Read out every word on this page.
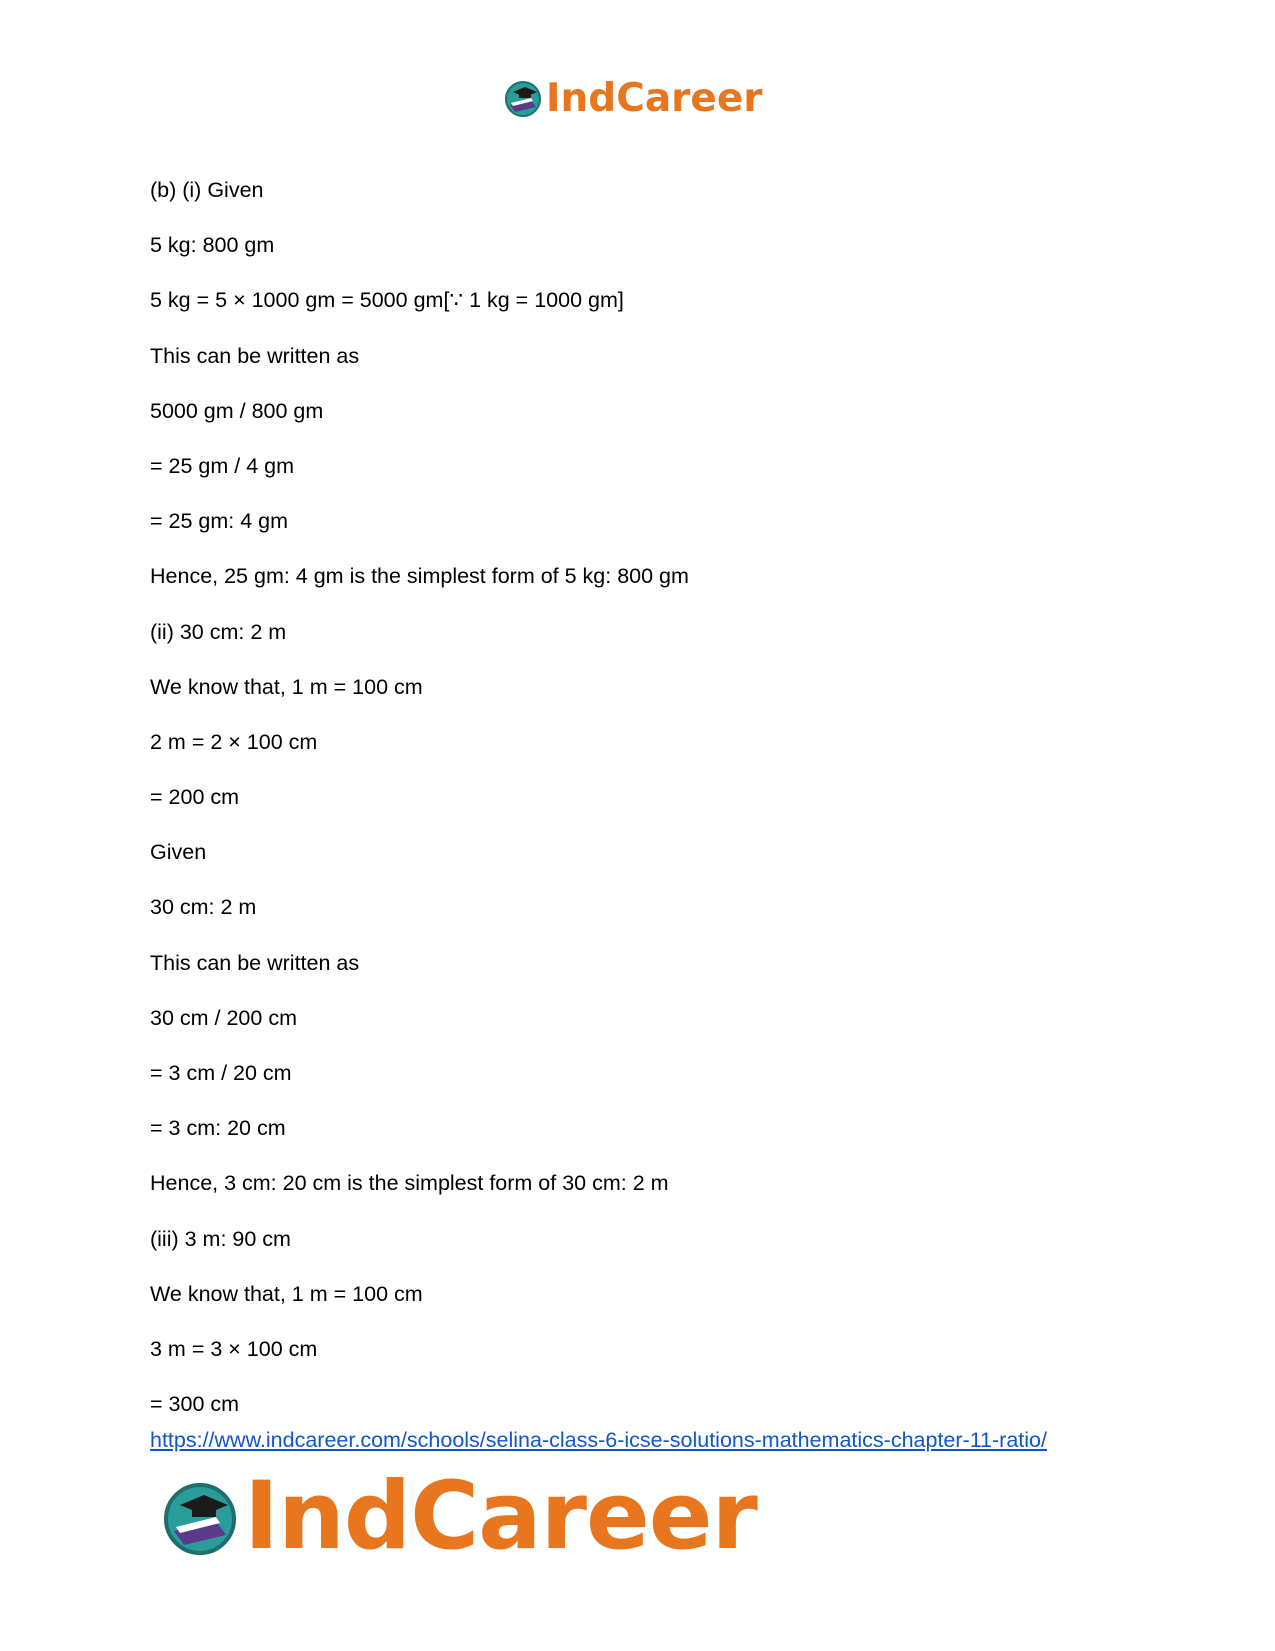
IndCareer
(b) (i) Given
5 kg: 800 gm
5 kg = 5 × 1000 gm = 5000 gm[∵ 1 kg = 1000 gm]
This can be written as
5000 gm / 800 gm
= 25 gm / 4 gm
= 25 gm: 4 gm
Hence, 25 gm: 4 gm is the simplest form of 5 kg: 800 gm
(ii) 30 cm: 2 m
We know that, 1 m = 100 cm
2 m = 2 × 100 cm
= 200 cm
Given
30 cm: 2 m
This can be written as
30 cm / 200 cm
= 3 cm / 20 cm
= 3 cm: 20 cm
Hence, 3 cm: 20 cm is the simplest form of 30 cm: 2 m
(iii) 3 m: 90 cm
We know that, 1 m = 100 cm
3 m = 3 × 100 cm
= 300 cm
https://www.indcareer.com/schools/selina-class-6-icse-solutions-mathematics-chapter-11-ratio/
IndCareer
